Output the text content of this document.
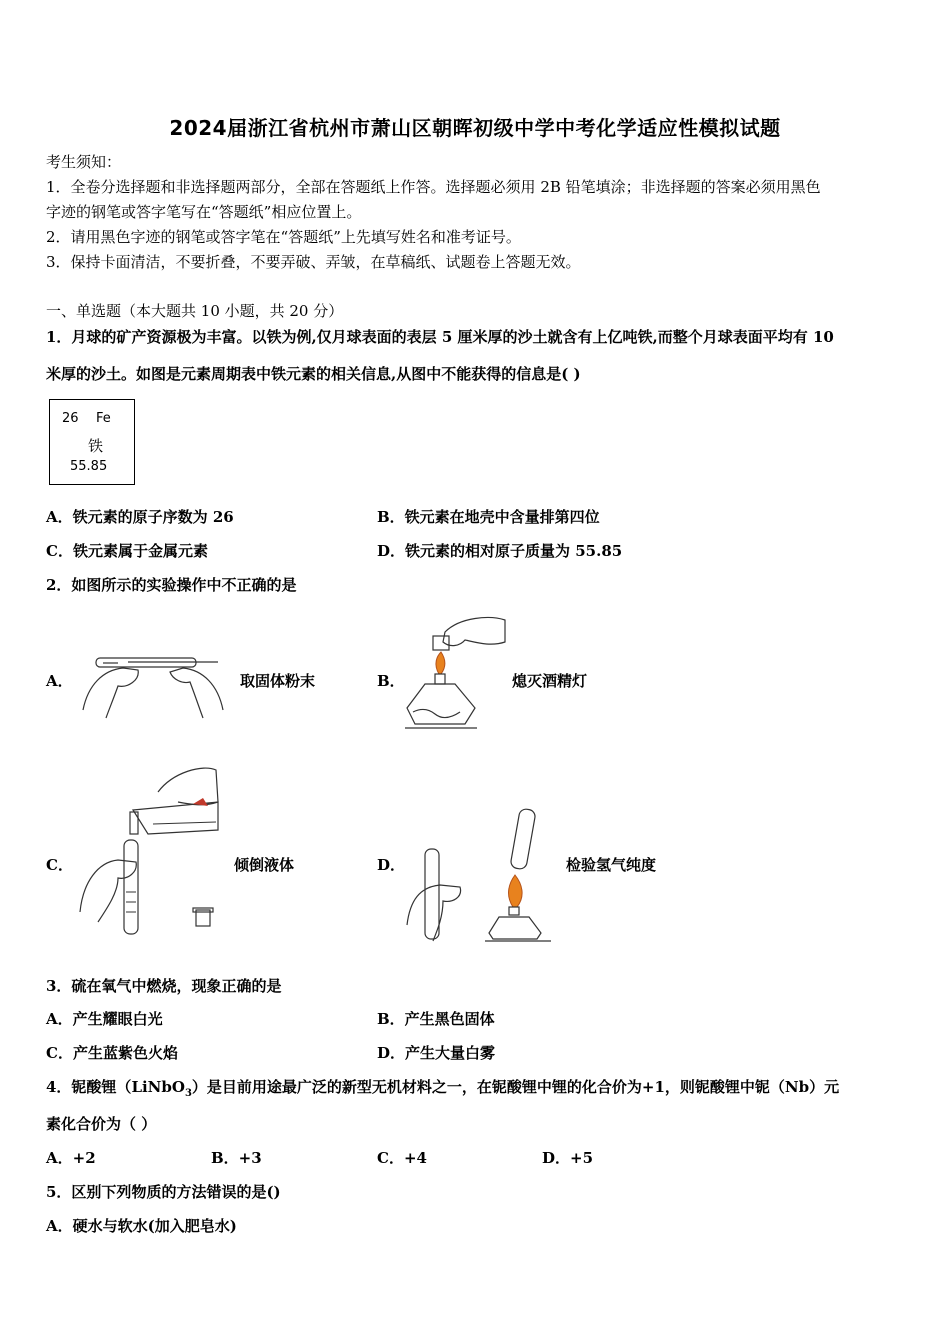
2024届浙江省杭州市萧山区朝晖初级中学中考化学适应性模拟试题
考生须知：
1．全卷分选择题和非选择题两部分，全部在答题纸上作答。选择题必须用 2B 铅笔填涂；非选择题的答案必须用黑色
字迹的钢笔或答字笔写在“答题纸”相应位置上。
2．请用黑色字迹的钢笔或答字笔在“答题纸”上先填写姓名和准考证号。
3．保持卡面清洁，不要折叠，不要弄破、弄皱，在草稿纸、试题卷上答题无效。
一、单选题（本大题共 10 小题，共 20 分）
1．月球的矿产资源极为丰富。以铁为例,仅月球表面的表层 5 厘米厚的沙土就含有上亿吨铁,而整个月球表面平均有 10
米厚的沙土。如图是元素周期表中铁元素的相关信息,从图中不能获得的信息是( )
26 Fe
铁
55.85
A．铁元素的原子序数为 26	B．铁元素在地壳中含量排第四位
C．铁元素属于金属元素	D．铁元素的相对原子质量为 55.85
2．如图所示的实验操作中不正确的是
A．	取固体粉末	B．	熄灭酒精灯
C．	倾倒液体	D．	检验氢气纯度
3．硫在氧气中燃烧，现象正确的是
A．产生耀眼白光	B．产生黑色固体
C．产生蓝紫色火焰	D．产生大量白雾
4．铌酸锂（LiNbO$_3$）是目前用途最广泛的新型无机材料之一，在铌酸锂中锂的化合价为+1，则铌酸锂中铌（Nb）元
素化合价为（ ）
A．+2	B．+3	C．+4	D．+5
5．区别下列物质的方法错误的是()
A．硬水与软水(加入肥皂水)
